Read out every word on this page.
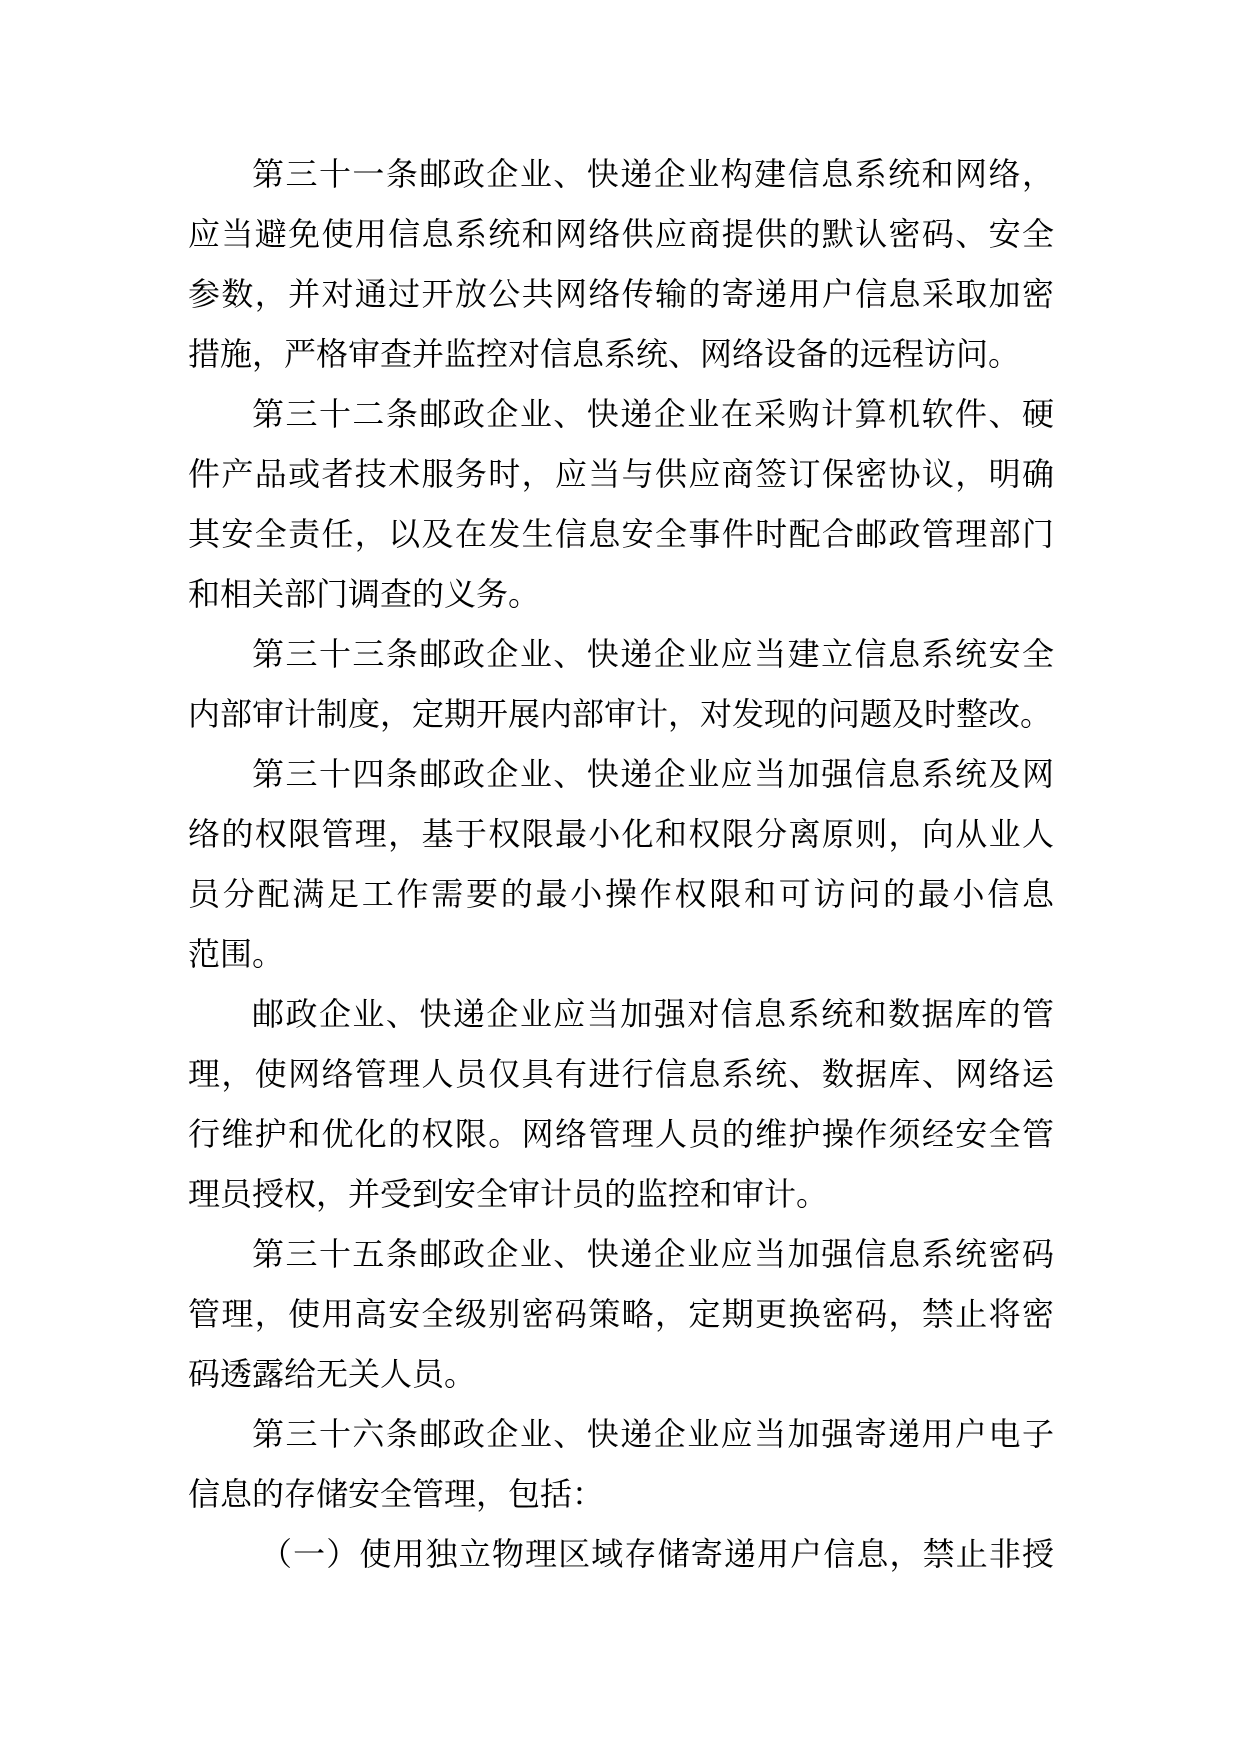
第三十一条邮政企业、快递企业构建信息系统和网络，
应当避免使用信息系统和网络供应商提供的默认密码、安全
参数，并对通过开放公共网络传输的寄递用户信息采取加密
措施，严格审查并监控对信息系统、网络设备的远程访问。
第三十二条邮政企业、快递企业在采购计算机软件、硬
件产品或者技术服务时，应当与供应商签订保密协议，明确
其安全责任，以及在发生信息安全事件时配合邮政管理部门
和相关部门调查的义务。
第三十三条邮政企业、快递企业应当建立信息系统安全
内部审计制度，定期开展内部审计，对发现的问题及时整改。
第三十四条邮政企业、快递企业应当加强信息系统及网
络的权限管理，基于权限最小化和权限分离原则，向从业人
员分配满足工作需要的最小操作权限和可访问的最小信息
范围。
邮政企业、快递企业应当加强对信息系统和数据库的管
理，使网络管理人员仅具有进行信息系统、数据库、网络运
行维护和优化的权限。网络管理人员的维护操作须经安全管
理员授权，并受到安全审计员的监控和审计。
第三十五条邮政企业、快递企业应当加强信息系统密码
管理，使用高安全级别密码策略，定期更换密码，禁止将密
码透露给无关人员。
第三十六条邮政企业、快递企业应当加强寄递用户电子
信息的存储安全管理，包括：
（一）使用独立物理区域存储寄递用户信息，禁止非授
